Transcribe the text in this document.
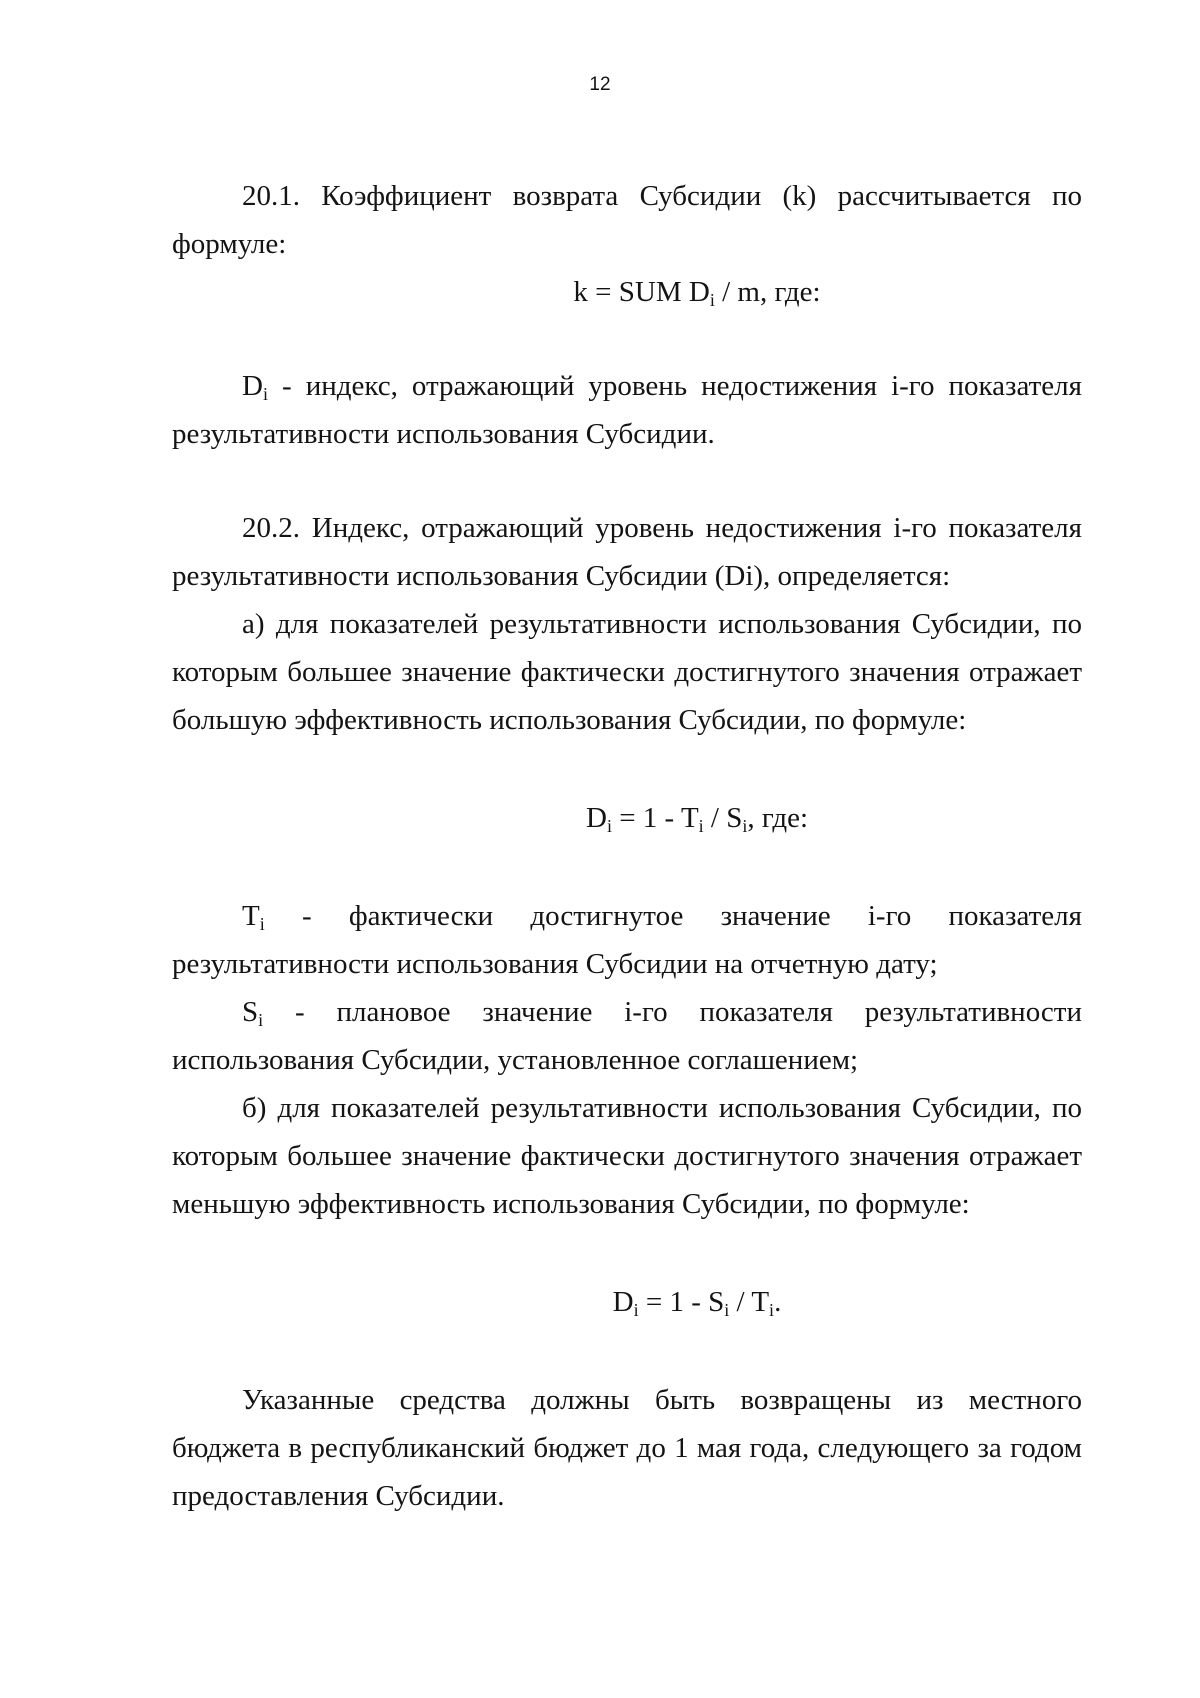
12

20.1. Коэффициент возврата Субсидии (k) рассчитывается по

формуле:

k = SUM $D_i$ / m, где:

$D_i$ - индекс, отражающий уровень недостижения i-го показателя результативности использования Субсидии.

20.2. Индекс, отражающий уровень недостижения i-го показателя результативности использования Субсидии (Di), определяется:

а) для показателей результативности использования Субсидии, по которым большее значение фактически достигнутого значения отражает большую эффективность использования Субсидии, по формуле:

$D_i = 1 - T_i / S_i$, где:
$T_i$ - фактически достигнутое значение i-го показателя

результативности использования Субсидии на отчетную дату;

$S_i$ - плановое значение i-го показателя результативности

использования Субсидии, установленное соглашением;

б) для показателей результативности использования Субсидии, по которым большее значение фактически достигнутого значения отражает меньшую эффективность использования Субсидии, по формуле:

$D_i = 1 - S_i / T_i$.

Указанные средства должны быть возвращены из местного бюджета в республиканский бюджет до 1 мая года, следующего за годом предоставления Субсидии.
